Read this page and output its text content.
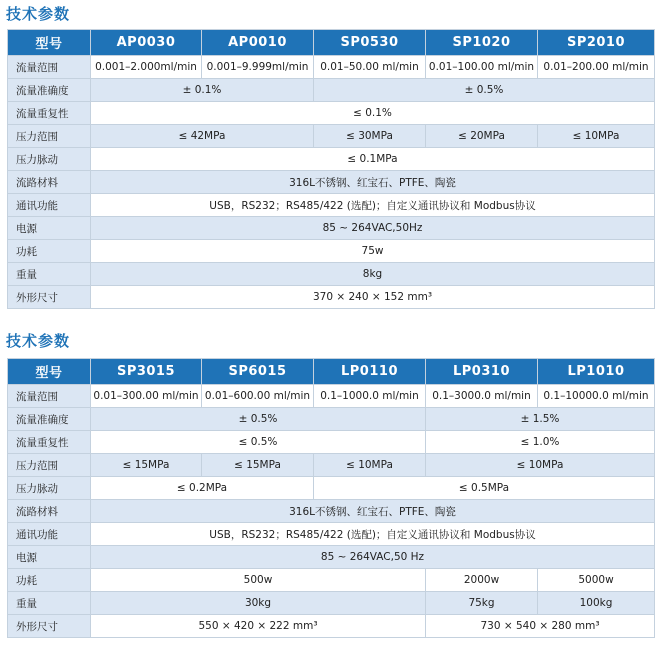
技术参数
型号	AP0030	AP0010	SP0530	SP1020	SP2010
流量范围	0.001–2.000ml/min	0.001–9.999ml/min	0.01–50.00 ml/min	0.01–100.00 ml/min	0.01–200.00 ml/min
流量准确度	± 0.1%		± 0.5%		
流量重复性	≤ 0.1%				
压力范围	≤ 42MPa		≤ 30MPa	≤ 20MPa	≤ 10MPa
压力脉动	≤ 0.1MPa				
流路材料	316L不锈钢、红宝石、PTFE、陶瓷				
通讯功能	USB，RS232；RS485/422 (选配)；自定义通讯协议和 Modbus协议				
电源	85 ~ 264VAC,50Hz				
功耗	75w				
重量	8kg				
外形尺寸	370 × 240 × 152 mm³				
技术参数
型号	SP3015	SP6015	LP0110	LP0310	LP1010
流量范围	0.01–300.00 ml/min	0.01–600.00 ml/min	0.1–1000.0 ml/min	0.1–3000.0 ml/min	0.1–10000.0 ml/min
流量准确度	± 0.5%			± 1.5%	
流量重复性	≤ 0.5%			≤ 1.0%	
压力范围	≤ 15MPa	≤ 15MPa	≤ 10MPa	≤ 10MPa	
压力脉动	≤ 0.2MPa		≤ 0.5MPa		
流路材料	316L不锈钢、红宝石、PTFE、陶瓷				
通讯功能	USB，RS232；RS485/422 (选配)；自定义通讯协议和 Modbus协议				
电源	85 ~ 264VAC,50 Hz				
功耗	500w			2000w	5000w
重量	30kg			75kg	100kg
外形尺寸	550 × 420 × 222 mm³			730 × 540 × 280 mm³	
